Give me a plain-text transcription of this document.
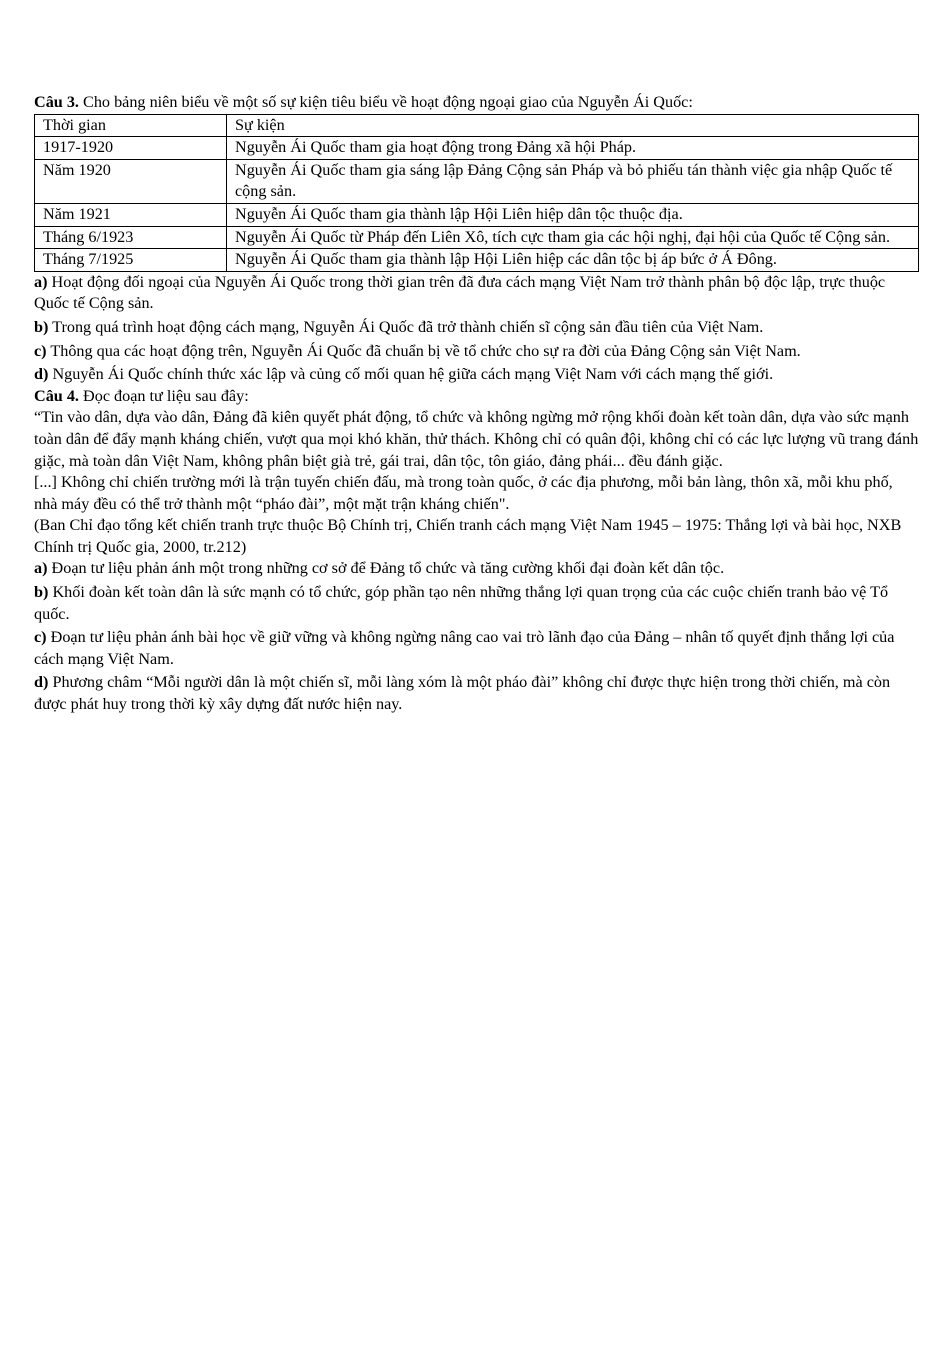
Câu 3. Cho bảng niên biểu về một số sự kiện tiêu biểu về hoạt động ngoại giao của Nguyễn Ái Quốc:

Thời gian	Sự kiện
1917-1920	Nguyễn Ái Quốc tham gia hoạt động trong Đảng xã hội Pháp.
Năm 1920	Nguyễn Ái Quốc tham gia sáng lập Đảng Cộng sản Pháp và bỏ phiếu tán thành việc gia nhập Quốc tế cộng sản.
Năm 1921	Nguyễn Ái Quốc tham gia thành lập Hội Liên hiệp dân tộc thuộc địa.
Tháng 6/1923	Nguyễn Ái Quốc từ Pháp đến Liên Xô, tích cực tham gia các hội nghị, đại hội của Quốc tế Cộng sản.
Tháng 7/1925	Nguyễn Ái Quốc tham gia thành lập Hội Liên hiệp các dân tộc bị áp bức ở Á Đông.

a) Hoạt động đối ngoại của Nguyễn Ái Quốc trong thời gian trên đã đưa cách mạng Việt Nam trở thành phân bộ độc lập, trực thuộc Quốc tế Cộng sản.

b) Trong quá trình hoạt động cách mạng, Nguyễn Ái Quốc đã trở thành chiến sĩ cộng sản đầu tiên của Việt Nam.

c) Thông qua các hoạt động trên, Nguyễn Ái Quốc đã chuẩn bị về tổ chức cho sự ra đời của Đảng Cộng sản Việt Nam.

d) Nguyễn Ái Quốc chính thức xác lập và củng cố mối quan hệ giữa cách mạng Việt Nam với cách mạng thế giới.

Câu 4. Đọc đoạn tư liệu sau đây:

“Tin vào dân, dựa vào dân, Đảng đã kiên quyết phát động, tổ chức và không ngừng mở rộng khối đoàn kết toàn dân, dựa vào sức mạnh toàn dân để đẩy mạnh kháng chiến, vượt qua mọi khó khăn, thử thách. Không chỉ có quân đội, không chỉ có các lực lượng vũ trang đánh giặc, mà toàn dân Việt Nam, không phân biệt già trẻ, gái trai, dân tộc, tôn giáo, đảng phái... đều đánh giặc.

[...] Không chỉ chiến trường mới là trận tuyến chiến đấu, mà trong toàn quốc, ở các địa phương, mỗi bản làng, thôn xã, mỗi khu phố, nhà máy đều có thể trở thành một “pháo đài”, một mặt trận kháng chiến".

(Ban Chỉ đạo tổng kết chiến tranh trực thuộc Bộ Chính trị, Chiến tranh cách mạng Việt Nam 1945 – 1975: Thắng lợi và bài học, NXB Chính trị Quốc gia, 2000, tr.212)

a) Đoạn tư liệu phản ánh một trong những cơ sở để Đảng tổ chức và tăng cường khối đại đoàn kết dân tộc.

b) Khối đoàn kết toàn dân là sức mạnh có tổ chức, góp phần tạo nên những thắng lợi quan trọng của các cuộc chiến tranh bảo vệ Tổ quốc.

c) Đoạn tư liệu phản ánh bài học về giữ vững và không ngừng nâng cao vai trò lãnh đạo của Đảng – nhân tố quyết định thắng lợi của cách mạng Việt Nam.

d) Phương châm “Mỗi người dân là một chiến sĩ, mỗi làng xóm là một pháo đài” không chỉ được thực hiện trong thời chiến, mà còn được phát huy trong thời kỳ xây dựng đất nước hiện nay.
